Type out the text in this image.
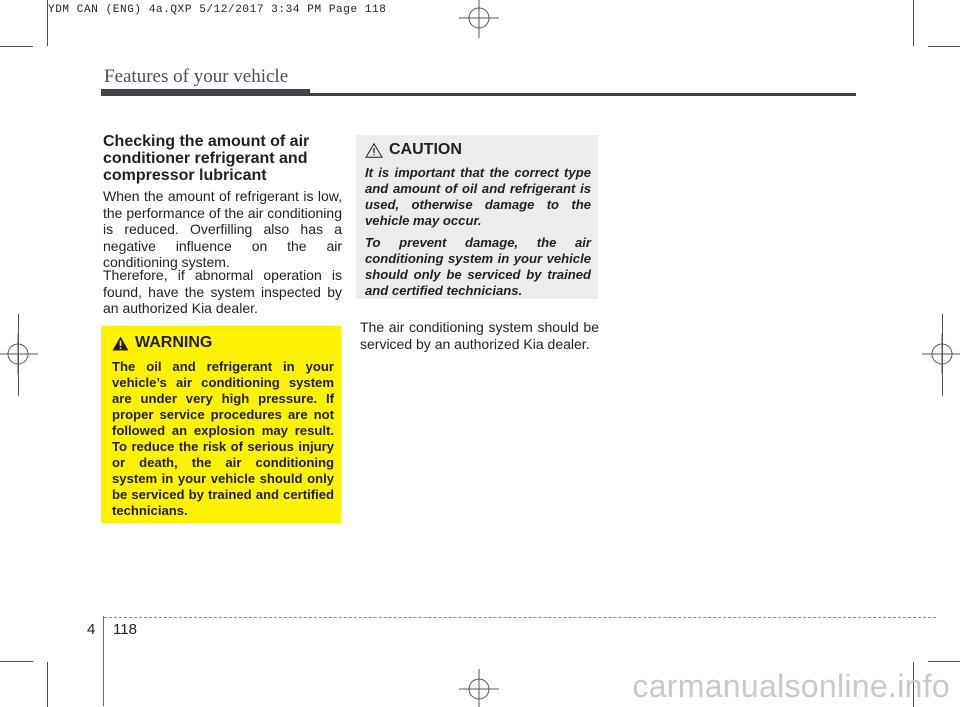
YDM CAN (ENG) 4a.QXP 5/12/2017 3:34 PM Page 118
Features of your vehicle
Checking the amount of air conditioner refrigerant and compressor lubricant

When the amount of refrigerant is low, the performance of the air conditioning is reduced. Overfilling also has a negative influence on the air conditioning system.

Therefore, if abnormal operation is found, have the system inspected by an authorized Kia dealer.

WARNING

The oil and refrigerant in your vehicle’s air conditioning system are under very high pressure. If proper service procedures are not followed an explosion may result. To reduce the risk of serious injury or death, the air conditioning system in your vehicle should only be serviced by trained and certified technicians.

CAUTION

It is important that the correct type and amount of oil and refrigerant is used, otherwise damage to the vehicle may occur.

To prevent damage, the air conditioning system in your vehicle should only be serviced by trained and certified technicians.

The air conditioning system should be serviced by an authorized Kia dealer.

4 118
carmanualsonline.info
